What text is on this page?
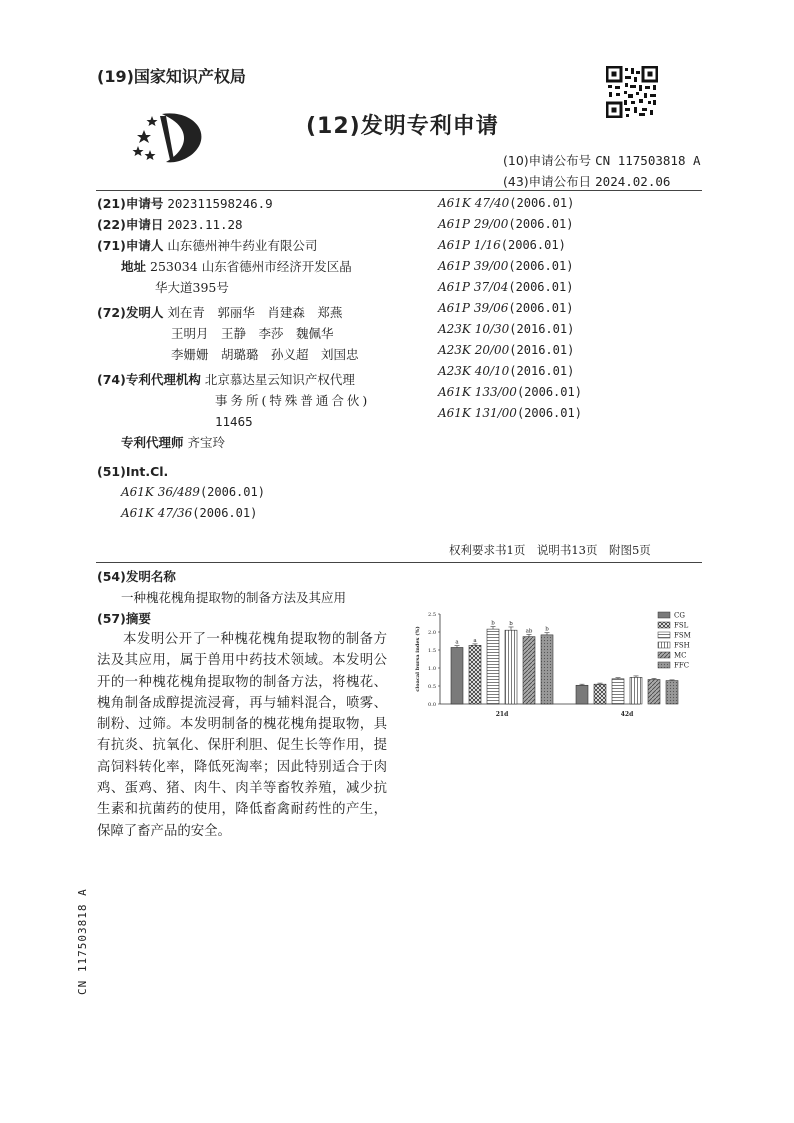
(19)国家知识产权局
(12)发明专利申请
(10)申请公布号 CN 117503818 A
(43)申请公布日 2024.02.06
(21)申请号 202311598246.9
(22)申请日 2023.11.28
(71)申请人 山东德州神牛药业有限公司
地址 253034 山东省德州市经济开发区晶
华大道395号
(72)发明人 刘在青　郭丽华　肖建森　郑燕
王明月　王静　李莎　魏佩华
李姗姗　胡璐璐　孙义超　刘国忠
(74)专利代理机构 北京慕达星云知识产权代理
事务所(特殊普通合伙)
11465
专利代理师 齐宝玲
(51)Int.Cl.
A61K 36/489(2006.01)
A61K 47/36(2006.01)
A61K 47/40(2006.01)
A61P 29/00(2006.01)
A61P 1/16(2006.01)
A61P 39/00(2006.01)
A61P 37/04(2006.01)
A61P 39/06(2006.01)
A23K 10/30(2016.01)
A23K 20/00(2016.01)
A23K 40/10(2016.01)
A61K 133/00(2006.01)
A61K 131/00(2006.01)
权利要求书1页　说明书13页　附图5页
(54)发明名称
一种槐花槐角提取物的制备方法及其应用
(57)摘要
本发明公开了一种槐花槐角提取物的制备方法及其应用，属于兽用中药技术领域。本发明公开的一种槐花槐角提取物的制备方法，将槐花、槐角制备成醇提流浸膏，再与辅料混合，喷雾、制粉、过筛。本发明制备的槐花槐角提取物，具有抗炎、抗氧化、保肝利胆、促生长等作用，提高饲料转化率，降低死淘率；因此特别适合于肉鸡、蛋鸡、猪、肉牛、肉羊等畜牧养殖，减少抗生素和抗菌药的使用，降低畜禽耐药性的产生，保障了畜产品的安全。
0.0
0.5
1.0
1.5
2.0
2.5
cloacal bursa index (%)
21d	42d
a	a
b	b
ab b
CG
FSL
FSM
FSH
MC
FFC
CN 117503818 A
